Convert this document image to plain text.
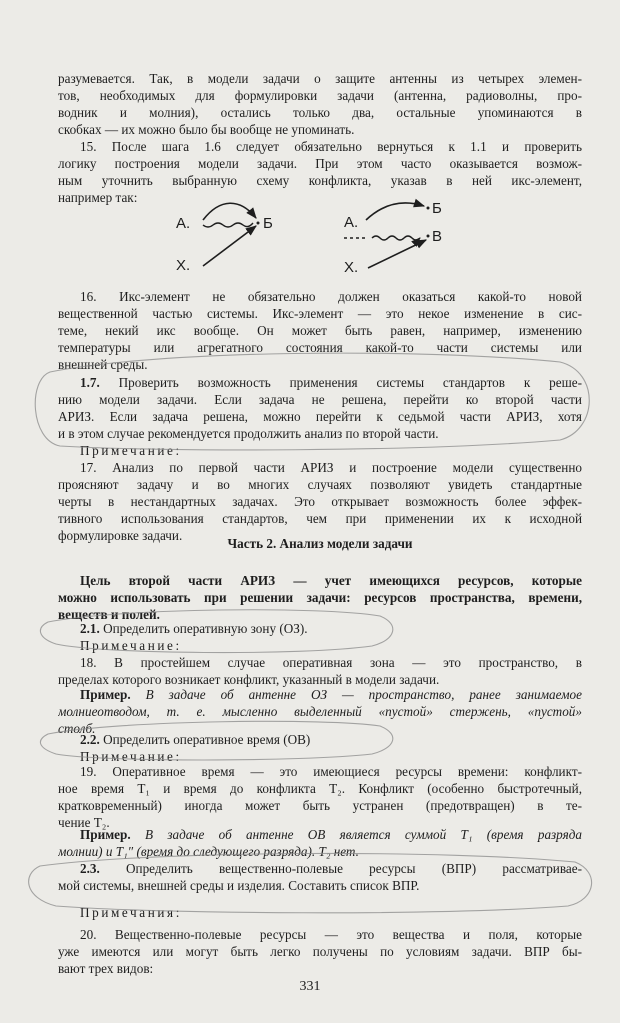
разумевается. Так, в модели задачи о защите антенны из четырех элемен-
тов, необходимых для формулировки задачи (антенна, радиоволны, про-
водник и молния), остались только два, остальные упоминаются в
скобках — их можно было бы вообще не упоминать.
15. После шага 1.6 следует обязательно вернуться к 1.1 и проверить
логику построения модели задачи. При этом часто оказывается возмож-
ным уточнить выбранную схему конфликта, указав в ней икс-элемент,
например так:
А.	Б
Х.
А.
Б
В
Х.
16. Икс-элемент не обязательно должен оказаться какой-то новой
вещественной частью системы. Икс-элемент — это некое изменение в сис-
теме, некий икс вообще. Он может быть равен, например, изменению
температуры или агрегатного состояния какой-то части системы или
внешней среды.
1.7. Проверить возможность применения системы стандартов к реше-
нию модели задачи. Если задача не решена, перейти ко второй части
АРИЗ. Если задача решена, можно перейти к седьмой части АРИЗ, хотя
и в этом случае рекомендуется продолжить анализ по второй части.
Примечание:
17. Анализ по первой части АРИЗ и построение модели существенно
проясняют задачу и во многих случаях позволяют увидеть стандартные
черты в нестандартных задачах. Это открывает возможность более эффек-
тивного использования стандартов, чем при применении их к исходной
формулировке задачи.
Часть 2. Анализ модели задачи
Цель второй части АРИЗ — учет имеющихся ресурсов, которые
можно использовать при решении задачи: ресурсов пространства, времени,
веществ и полей.
2.1. Определить оперативную зону (ОЗ).
Примечание:
18. В простейшем случае оперативная зона — это пространство, в
пределах которого возникает конфликт, указанный в модели задачи.
Пример. В задаче об антенне ОЗ — пространство, ранее занимаемое
молниеотводом, т. е. мысленно выделенный «пустой» стержень, «пустой»
столб.
2.2. Определить оперативное время (ОВ)
Примечание:
19. Оперативное время — это имеющиеся ресурсы времени: конфликт-
ное время Т₁ и время до конфликта Т₂. Конфликт (особенно быстротечный,
кратковременный) иногда может быть устранен (предотвращен) в те-
чение Т₂.
Пример. В задаче об антенне ОВ является суммой Т₁ (время разряда
молнии) и Т₁″ (время до следующего разряда). Т₂ нет.
2.3. Определить вещественно-полевые ресурсы (ВПР) рассматривае-
мой системы, внешней среды и изделия. Составить список ВПР.
Примечания:
20. Вещественно-полевые ресурсы — это вещества и поля, которые
уже имеются или могут быть легко получены по условиям задачи. ВПР бы-
вают трех видов:
331
